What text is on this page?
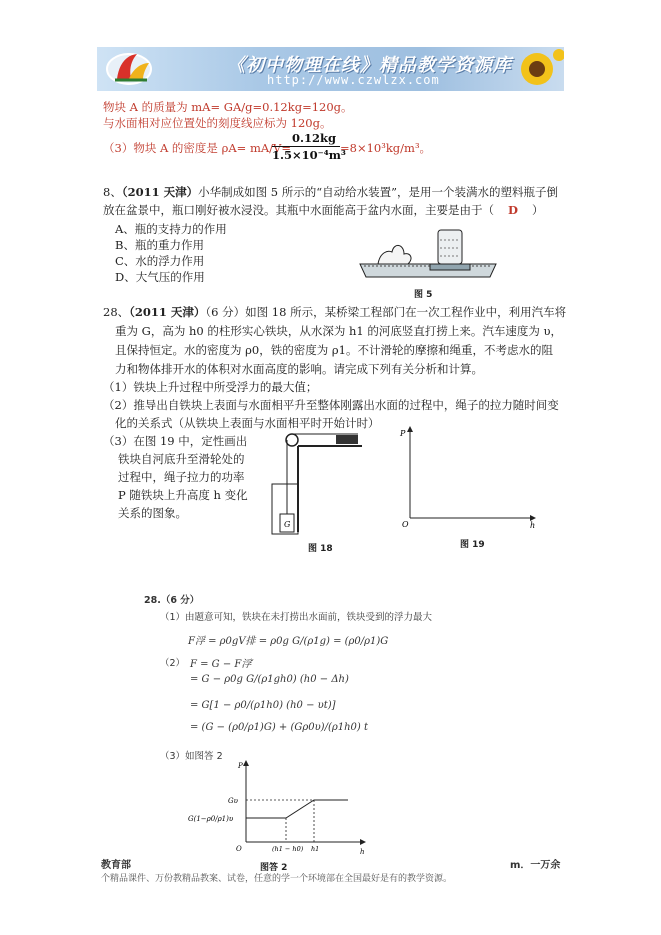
《初中物理在线》精品教学资源库
http://www.czwlzx.com
物块 A 的质量为 mA= GA/g=0.12kg=120g。
与水面相对应位置处的刻度线应标为 120g。
（3）物块 A 的密度是 ρA= mA/V=
0.12kg
1.5×10⁻⁴m³
=8×10³kg/m³。
8、（2011 天津）小华制成如图 5 所示的“自动给水装置”，是用一个装满水的塑料瓶子倒
放在盆景中，瓶口刚好被水浸没。其瓶中水面能高于盆内水面，主要是由于（ D ）
A、瓶的支持力的作用
B、瓶的重力作用
C、水的浮力作用
D、大气压的作用
图 5
28、（2011 天津）（6 分）如图 18 所示，某桥梁工程部门在一次工程作业中，利用汽车将
重为 G，高为 h0 的柱形实心铁块，从水深为 h1 的河底竖直打捞上来。汽车速度为 υ，
且保持恒定。水的密度为 ρ0，铁的密度为 ρ1。不计滑轮的摩擦和绳重，不考虑水的阻
力和物体排开水的体积对水面高度的影响。请完成下列有关分析和计算。
（1）铁块上升过程中所受浮力的最大值；
（2）推导出自铁块上表面与水面相平升至整体刚露出水面的过程中，绳子的拉力随时间变
化的关系式（从铁块上表面与水面相平时开始计时）
（3）在图 19 中，定性画出
铁块自河底升至滑轮处的
过程中，绳子拉力的功率
P 随铁块上升高度 h 变化
关系的图象。
G
图 18
P
h
O
图 19
28.（6 分）
（1）由题意可知，铁块在未打捞出水面前，铁块受到的浮力最大
F浮 = ρ0gV排 = ρ0g G/(ρ1g) = (ρ0/ρ1)G
（2） F = G − F浮′
= G − ρ0g G/(ρ1gh0) (h0 − Δh)
= G[1 − ρ0/(ρ1h0) (h0 − υt)]
= (G − (ρ0/ρ1)G) + (Gρ0υ)/(ρ1h0) t
（3）如图答 2
P
Gυ
G(1−ρ0/ρ1)υ
(h1 − h0) h1	h
O
图答 2
教育部	m．一万余
个精品课件、万份教精品教案、试卷，任意的学一个环境部在全国最好是有的教学资源。
